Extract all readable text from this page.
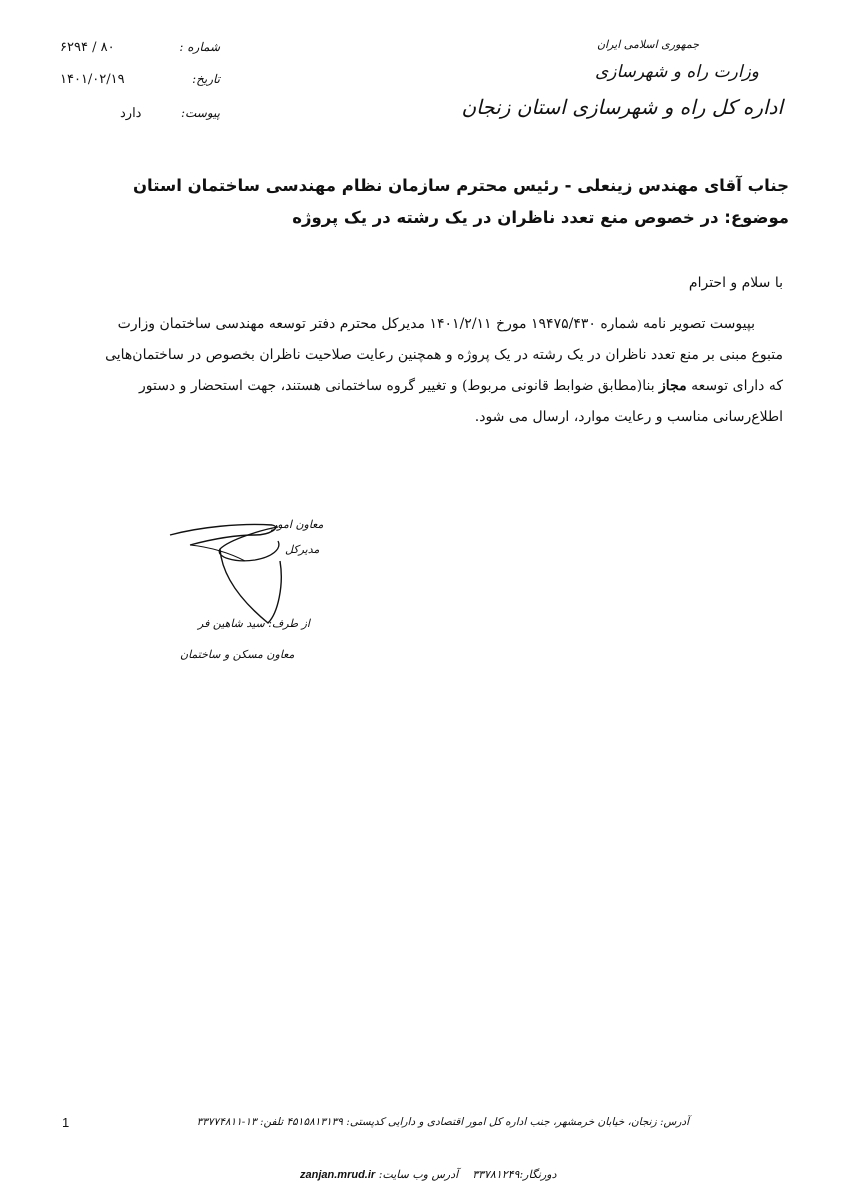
۸۰ / ۶۲۹۴	شماره :
۱۴۰۱/۰۲/۱۹	تاریخ:
دارد	پیوست:
جمهوری اسلامی ایران
وزارت راه و شهرسازی
اداره کل راه و شهرسازی استان زنجان
جناب آقای مهندس زینعلی - رئیس محترم سازمان نظام مهندسی ساختمان استان
موضوع: در خصوص منع تعدد ناظران در یک رشته در یک پروژه
با سلام و احترام
بپیوست تصویر نامه شماره ۱۹۴۷۵/۴۳۰ مورخ ۱۴۰۱/۲/۱۱ مدیرکل محترم دفتر توسعه مهندسی ساختمان وزارت
متبوع مبنی بر منع تعدد ناظران در یک رشته در یک پروژه و همچنین رعایت صلاحیت ناظران بخصوص در ساختمان‌هایی
که دارای توسعه مجاز بنا(مطابق ضوابط قانونی مربوط) و تغییر گروه ساختمانی هستند، جهت استحضار و دستور
اطلاع‌رسانی مناسب و رعایت موارد، ارسال می شود.
معاون امور
مدیرکل
از طرف: سید شاهین فر
معاون مسکن و ساختمان
1	آدرس: زنجان، خیابان خرمشهر، جنب اداره کل امور اقتصادی و دارایی کدپستی: ۴۵۱۵۸۱۳۱۳۹ تلفن: ۱۳-۳۳۷۷۴۸۱۱
دورنگار:۳۳۷۸۱۲۴۹    آدرس وب سایت: zanjan.mrud.ir
